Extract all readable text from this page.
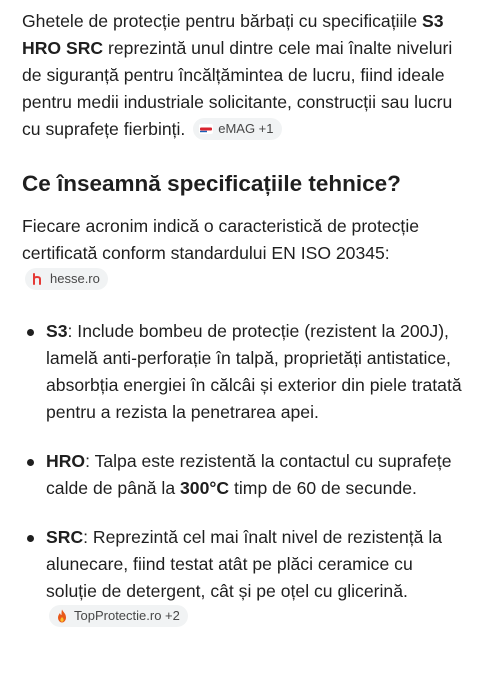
Ghetele de protecție pentru bărbați cu specificațiile S3 HRO SRC reprezintă unul dintre cele mai înalte niveluri de siguranță pentru încălțămintea de lucru, fiind ideale pentru medii industriale solicitante, construcții sau lucru cu suprafețe fierbinți.	eMAG +1

Ce înseamnă specificațiile tehnice?

Fiecare acronim indică o caracteristică de protecție certificată conform standardului EN ISO 20345:
hesse.ro

S3: Include bombeu de protecție (rezistent la 200J), lamelă anti-perforație în talpă, proprietăți antistatice, absorbția energiei în călcâi și exterior din piele tratată pentru a rezista la penetrarea apei.
HRO: Talpa este rezistentă la contactul cu suprafețe calde de până la 300°C timp de 60 de secunde.
SRC: Reprezintă cel mai înalt nivel de rezistență la alunecare, fiind testat atât pe plăci ceramice cu soluție de detergent, cât și pe oțel cu glicerină.
TopProtectie.ro +2
